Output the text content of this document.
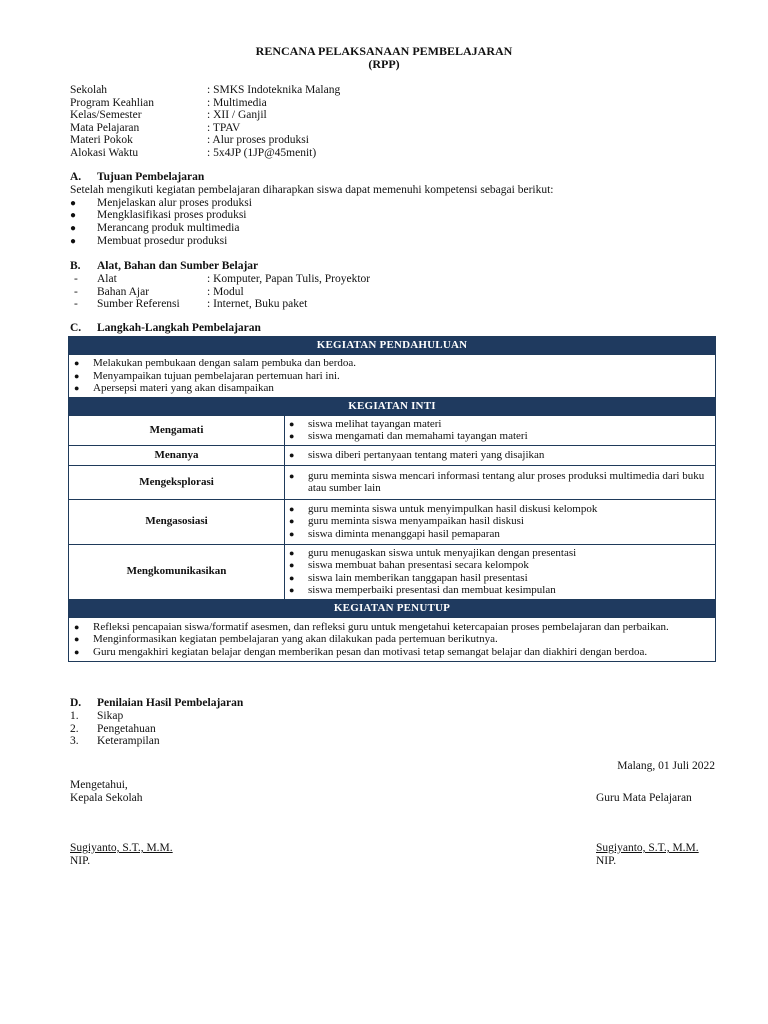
RENCANA PELAKSANAAN PEMBELAJARAN
(RPP)
Sekolah	: SMKS Indoteknika Malang
Program Keahlian	: Multimedia
Kelas/Semester	: XII / Ganjil
Mata Pelajaran	: TPAV
Materi Pokok	: Alur proses produksi
Alokasi Waktu	: 5x4JP (1JP@45menit)
A. Tujuan Pembelajaran
Setelah mengikuti kegiatan pembelajaran diharapkan siswa dapat memenuhi kompetensi sebagai berikut:
● Menjelaskan alur proses produksi
● Mengklasifikasi proses produksi
● Merancang produk multimedia
● Membuat prosedur produksi
B. Alat, Bahan dan Sumber Belajar
- Alat	: Komputer, Papan Tulis, Proyektor
- Bahan Ajar	: Modul
- Sumber Referensi : Internet, Buku paket
C. Langkah-Langkah Pembelajaran
KEGIATAN PENDAHULUAN	

● Melakukan pembukaan dengan salam pembuka dan berdoa.
● Menyampaikan tujuan pembelajaran pertemuan hari ini.
● Apersepsi materi yang akan disampaikan

KEGIATAN INTI	
Mengamati	● siswa melihat tayangan materi
● siswa mengamati dan memahami tayangan materi

Menanya	● siswa diberi pertanyaan tentang materi yang disajikan

Mengeksplorasi	● guru meminta siswa mencari informasi tentang alur proses produksi multimedia dari buku atau sumber lain

Mengasosiasi	● guru meminta siswa untuk menyimpulkan hasil diskusi kelompok
● guru meminta siswa menyampaikan hasil diskusi
● siswa diminta menanggapi hasil pemaparan

Mengkomunikasikan	● guru menugaskan siswa untuk menyajikan dengan presentasi
● siswa membuat bahan presentasi secara kelompok
● siswa lain memberikan tanggapan hasil presentasi
● siswa memperbaiki presentasi dan membuat kesimpulan

KEGIATAN PENUTUP	

● Refleksi pencapaian siswa/formatif asesmen, dan refleksi guru untuk mengetahui ketercapaian proses pembelajaran dan perbaikan.
● Menginformasikan kegiatan pembelajaran yang akan dilakukan pada pertemuan berikutnya.
● Guru mengakhiri kegiatan belajar dengan memberikan pesan dan motivasi tetap semangat belajar dan diakhiri dengan berdoa.
D. Penilaian Hasil Pembelajaran
1. Sikap
2. Pengetahuan
3. Keterampilan
Malang, 01 Juli 2022
Mengetahui,
Kepala Sekolah	Guru Mata Pelajaran
Sugiyanto, S.T., M.M.
NIP.
Sugiyanto, S.T., M.M.
NIP.
